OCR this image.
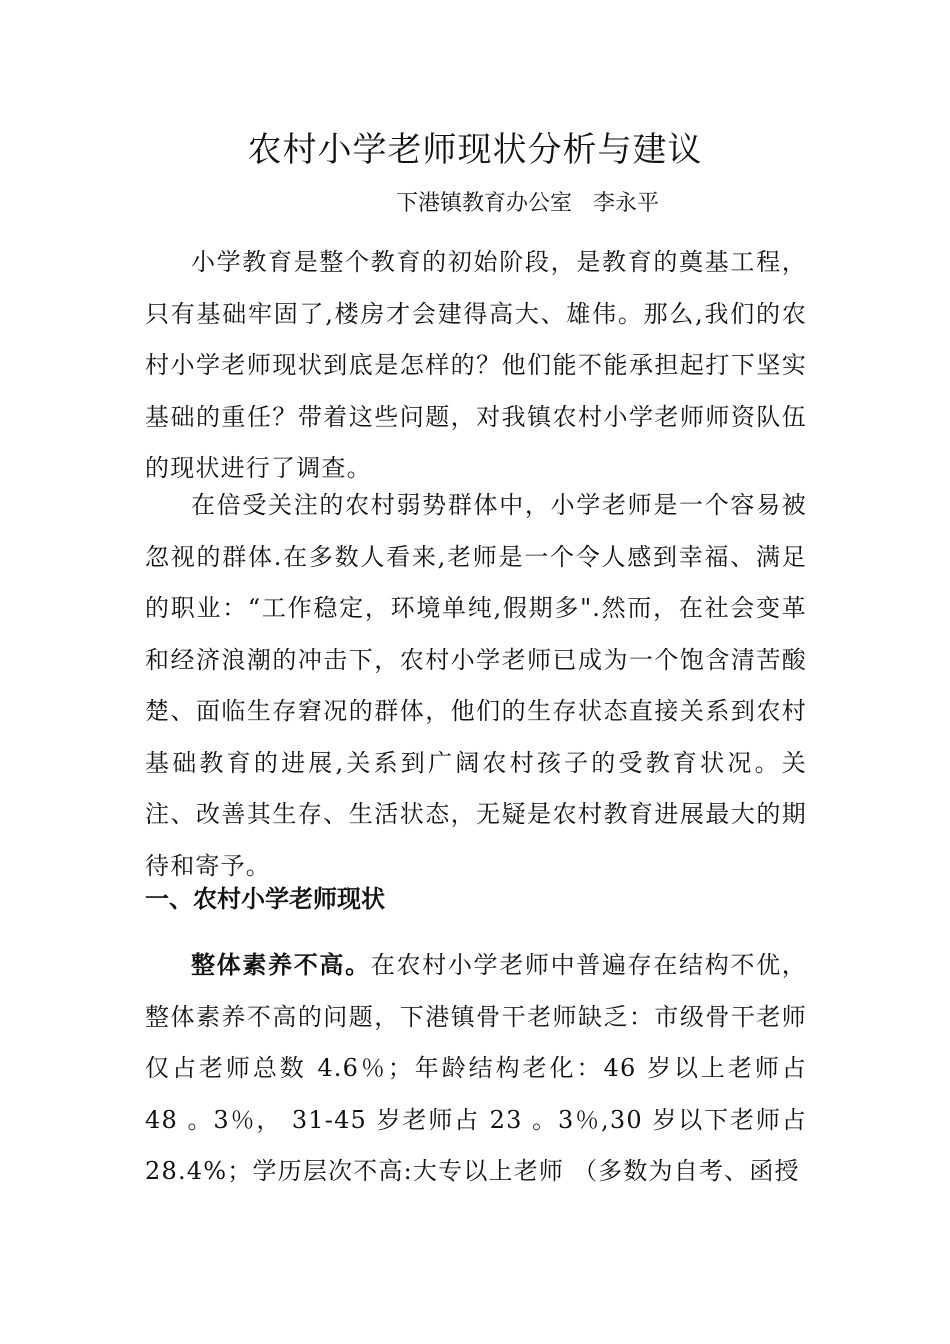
农村小学老师现状分析与建议

下港镇教育办公室   李永平

小学教育是整个教育的初始阶段，是教育的奠基工程，只有基础牢固了,楼房才会建得高大、雄伟。那么,我们的农村小学老师现状到底是怎样的？他们能不能承担起打下坚实基础的重任？带着这些问题，对我镇农村小学老师师资队伍的现状进行了调查。

在倍受关注的农村弱势群体中，小学老师是一个容易被忽视的群体.在多数人看来,老师是一个令人感到幸福、满足的职业：“工作稳定，环境单纯,假期多".然而，在社会变革和经济浪潮的冲击下，农村小学老师已成为一个饱含清苦酸楚、面临生存窘况的群体，他们的生存状态直接关系到农村基础教育的进展,关系到广阔农村孩子的受教育状况。关注、改善其生存、生活状态，无疑是农村教育进展最大的期待和寄予。

一、农村小学老师现状

整体素养不高。在农村小学老师中普遍存在结构不优，整体素养不高的问题，下港镇骨干老师缺乏：市级骨干老师仅占老师总数 4.6％；年龄结构老化：46 岁以上老师占 48 。3％， 31-45 岁老师占 23 。3％,30 岁以下老师占 28.4%；学历层次不高:大专以上老师 （多数为自考、函授
